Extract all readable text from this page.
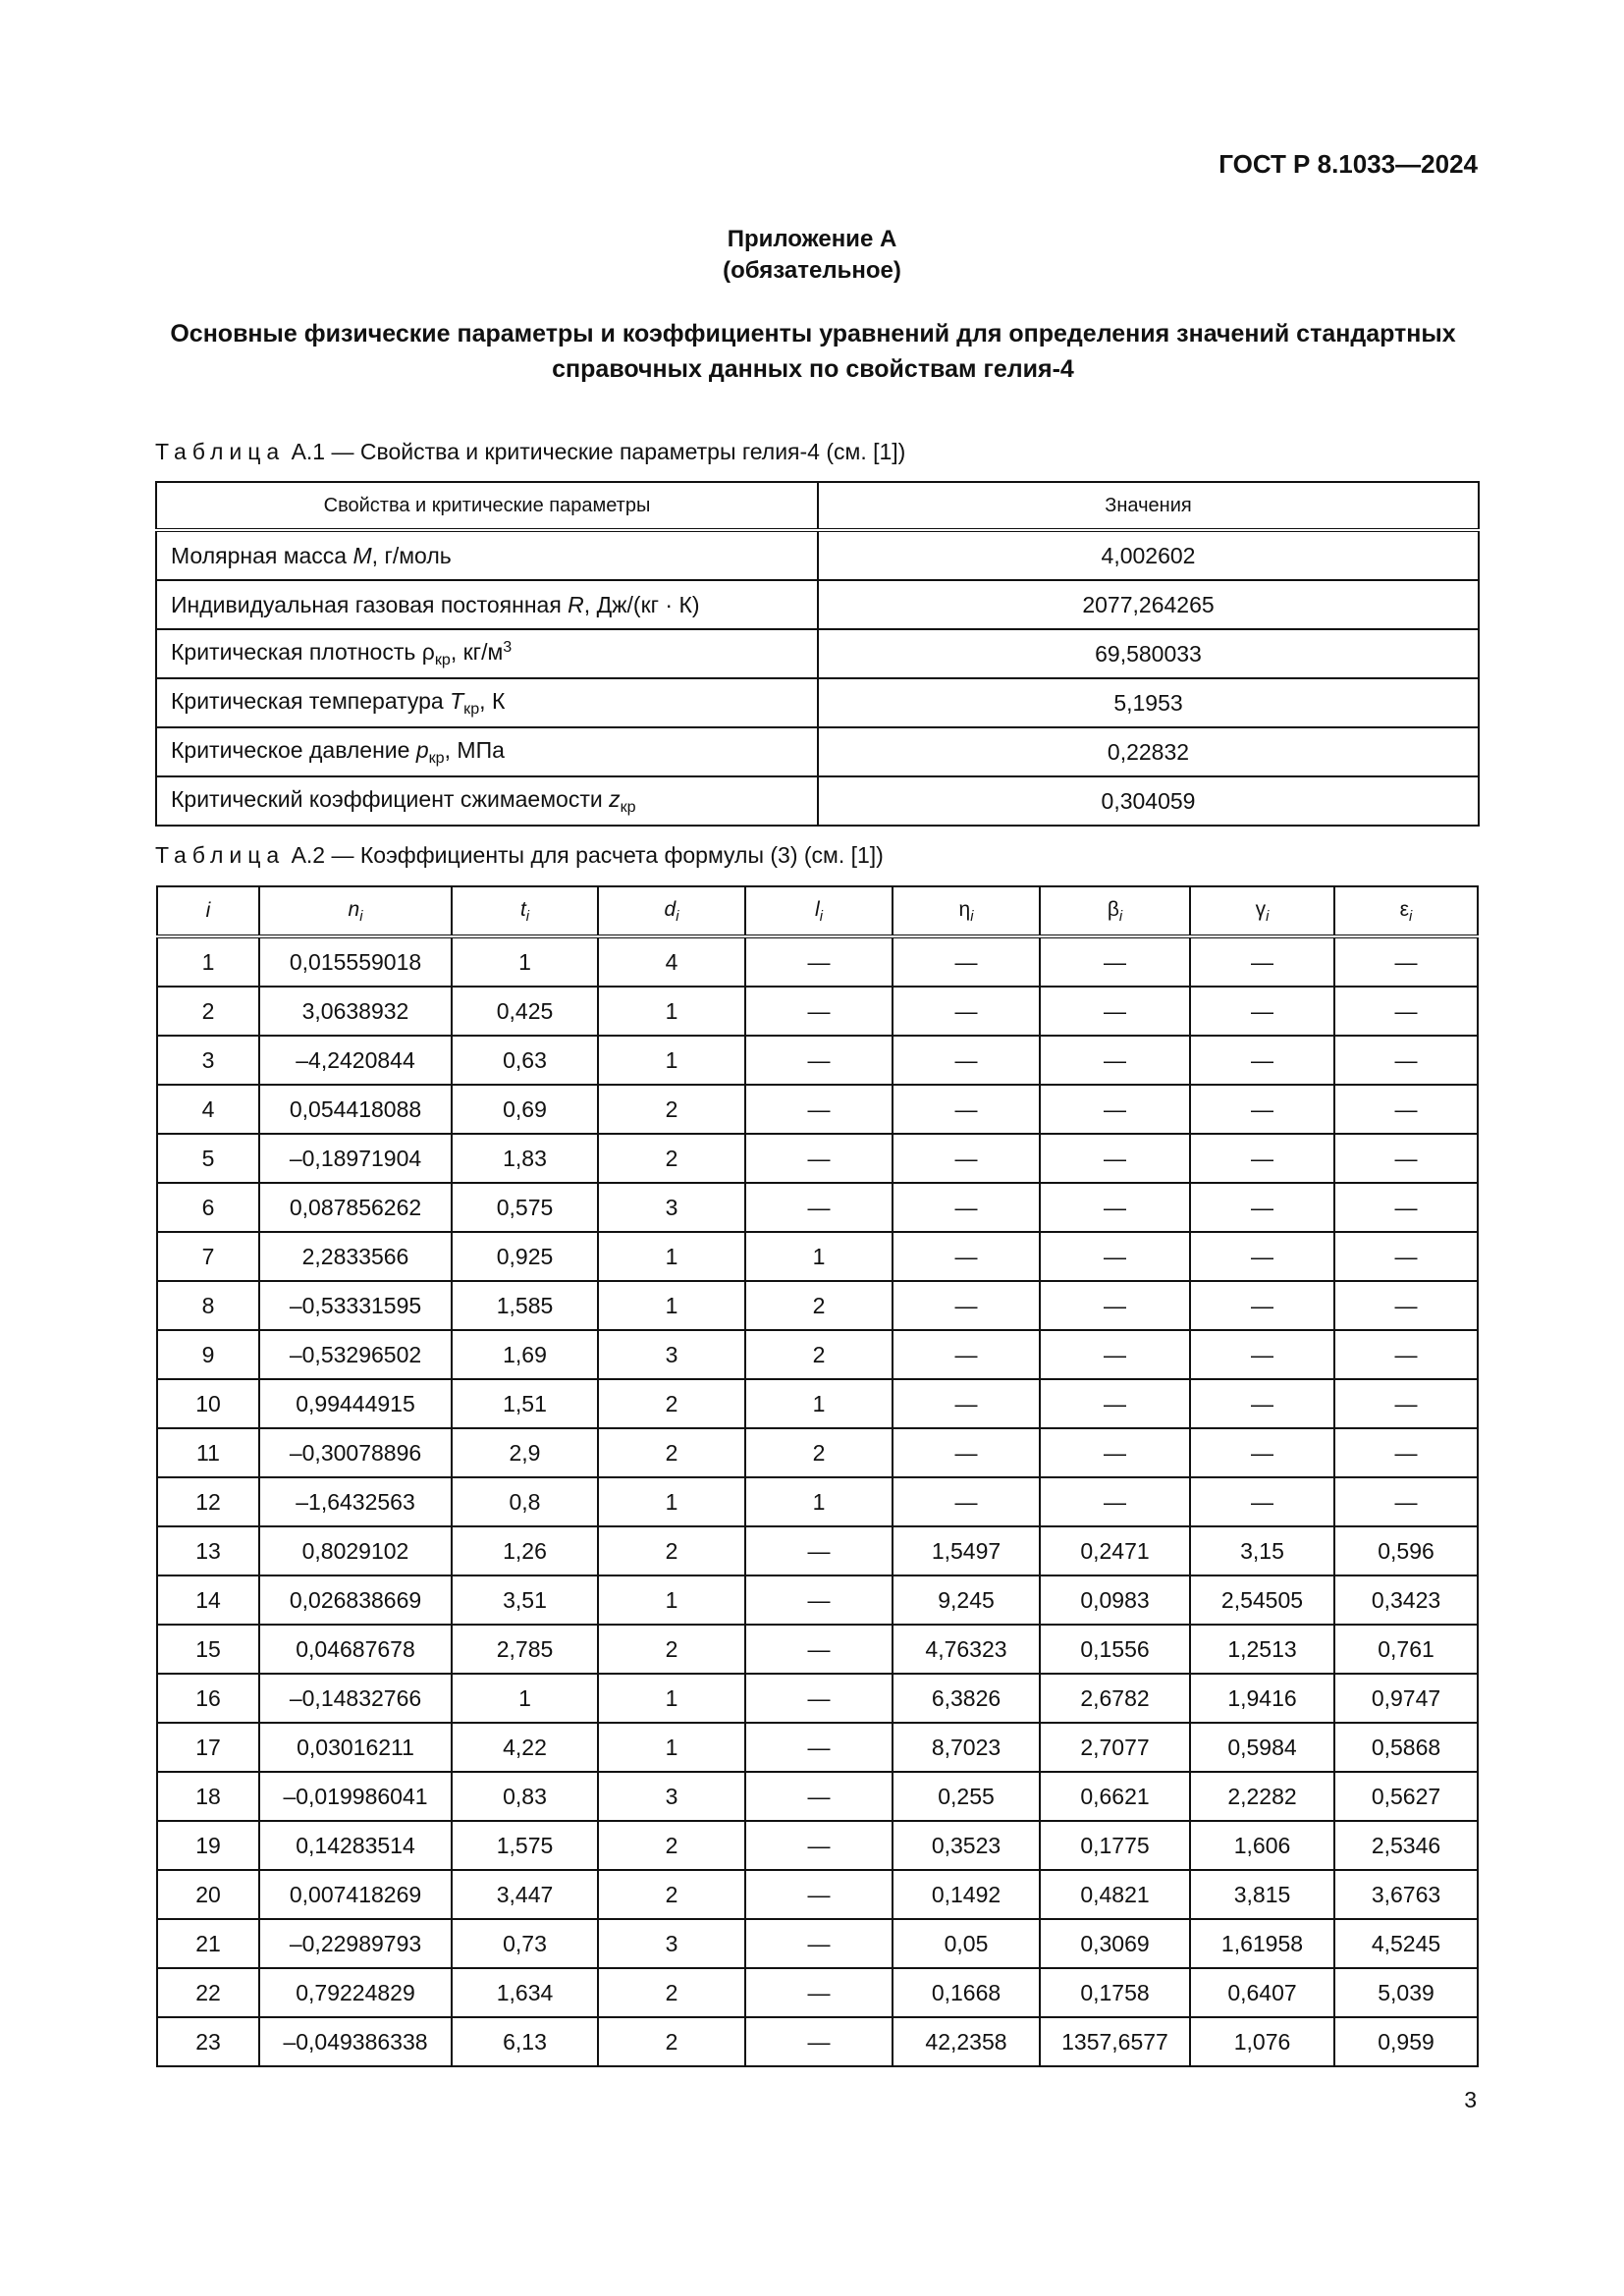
ГОСТ Р 8.1033—2024
Приложение А
(обязательное)
Основные физические параметры и коэффициенты уравнений для определения значений стандартных справочных данных по свойствам гелия-4
Таблица А.1 — Свойства и критические параметры гелия-4 (см. [1])
Свойства и критические параметры	Значения
Молярная масса M, г/моль	4,002602
Индивидуальная газовая постоянная R, Дж/(кг · К)	2077,264265
Критическая плотность $\rho_{кр}$, $кг/м^3$	69,580033
Критическая температура $T_{кр}$, К	5,1953
Критическое давление $p_{кр}$, МПа	0,22832
Критический коэффициент сжимаемости $z_{кр}$	0,304059
Таблица А.2 — Коэффициенты для расчета формулы (3) (см. [1])
i	$n_i$	$t_i$	$d_i$	$l_i$	$\eta_i$	$\beta_i$	$\gamma_i$	$\varepsilon_i$
1	0,015559018	1	4	—	—	—	—	—
2	3,0638932	0,425	1	—	—	—	—	—
3	–4,2420844	0,63	1	—	—	—	—	—
4	0,054418088	0,69	2	—	—	—	—	—
5	–0,18971904	1,83	2	—	—	—	—	—
6	0,087856262	0,575	3	—	—	—	—	—
7	2,2833566	0,925	1	1	—	—	—	—
8	–0,53331595	1,585	1	2	—	—	—	—
9	–0,53296502	1,69	3	2	—	—	—	—
10	0,99444915	1,51	2	1	—	—	—	—
11	–0,30078896	2,9	2	2	—	—	—	—
12	–1,6432563	0,8	1	1	—	—	—	—
13	0,8029102	1,26	2	—	1,5497	0,2471	3,15	0,596
14	0,026838669	3,51	1	—	9,245	0,0983	2,54505	0,3423
15	0,04687678	2,785	2	—	4,76323	0,1556	1,2513	0,761
16	–0,14832766	1	1	—	6,3826	2,6782	1,9416	0,9747
17	0,03016211	4,22	1	—	8,7023	2,7077	0,5984	0,5868
18	–0,019986041	0,83	3	—	0,255	0,6621	2,2282	0,5627
19	0,14283514	1,575	2	—	0,3523	0,1775	1,606	2,5346
20	0,007418269	3,447	2	—	0,1492	0,4821	3,815	3,6763
21	–0,22989793	0,73	3	—	0,05	0,3069	1,61958	4,5245
22	0,79224829	1,634	2	—	0,1668	0,1758	0,6407	5,039
23	–0,049386338	6,13	2	—	42,2358	1357,6577	1,076	0,959
3
